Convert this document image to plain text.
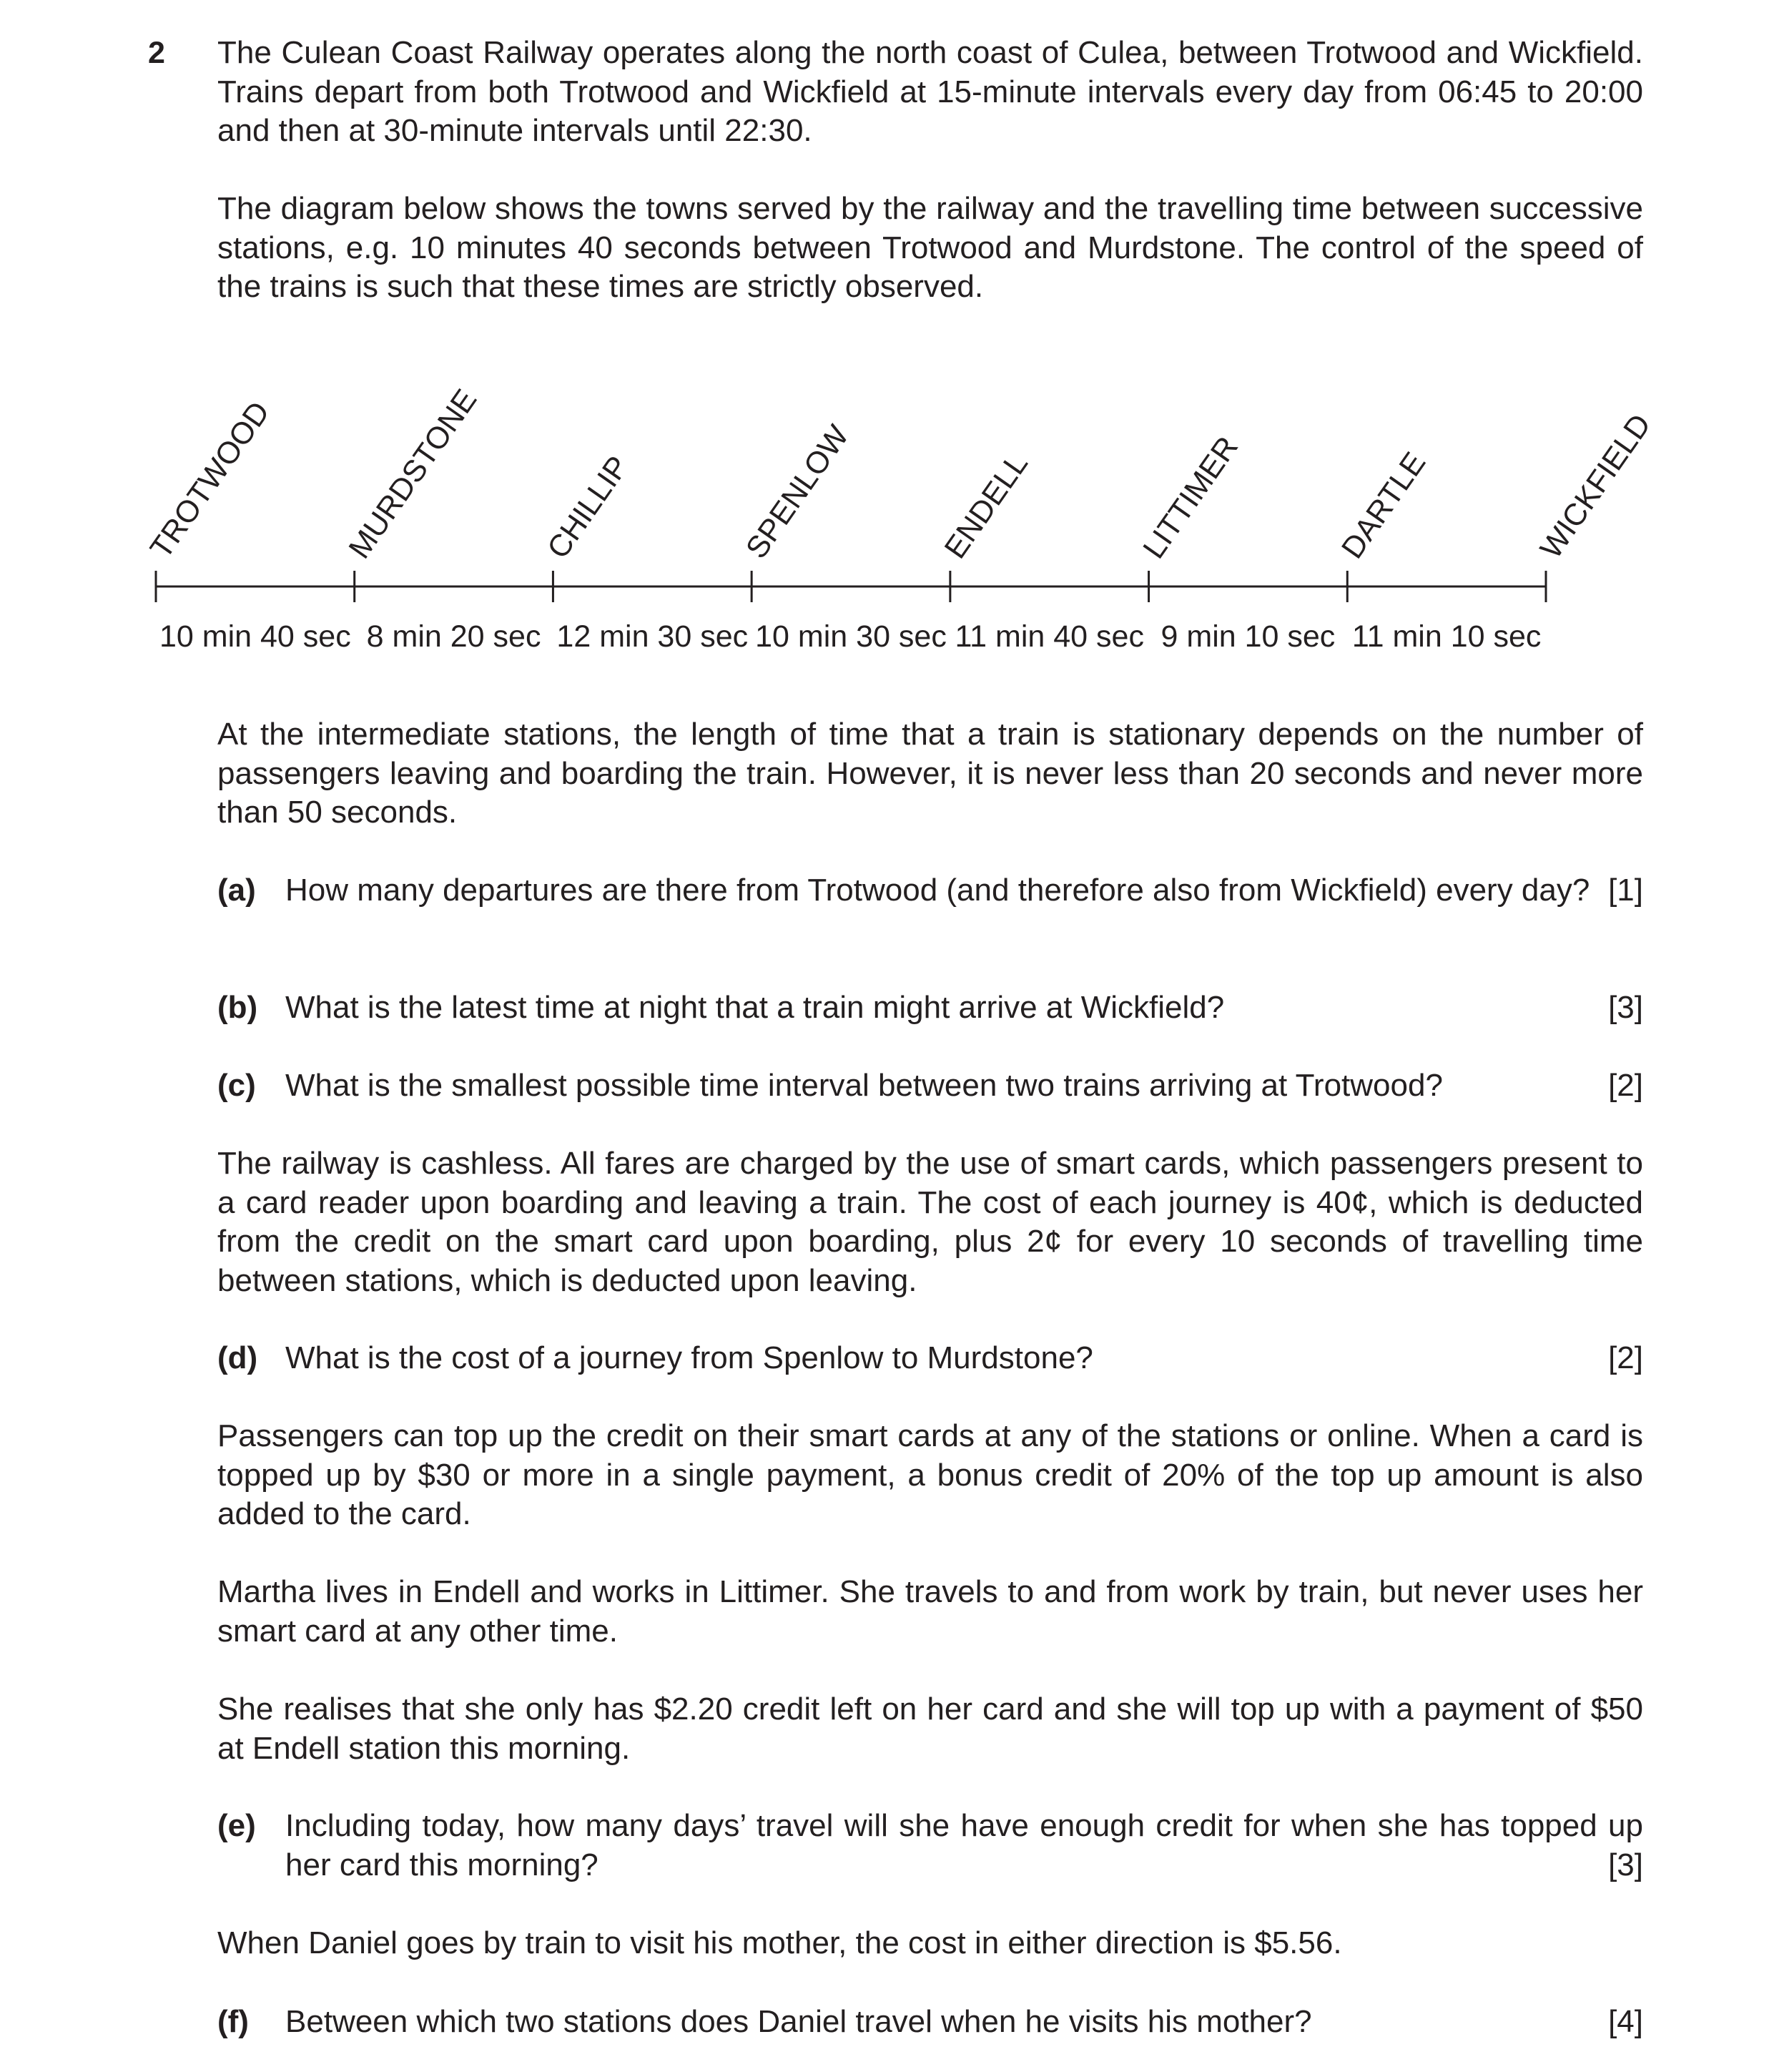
2 The Culean Coast Railway operates along the north coast of Culea, between Trotwood and Wickfield. Trains depart from both Trotwood and Wickfield at 15-minute intervals every day from 06:45 to 20:00 and then at 30-minute intervals until 22:30.
The diagram below shows the towns served by the railway and the travelling time between successive stations, e.g. 10 minutes 40 seconds between Trotwood and Murdstone. The control of the speed of the trains is such that these times are strictly observed.
TROTWOOD MURDSTONE CHILLIP	SPENLOW	ENDELL	LITTIMER	DARTLE	WICKFIELD
10 min 40 sec 8 min 20 sec 12 min 30 sec 10 min 30 sec 11 min 40 sec 9 min 10 sec 11 min 10 sec
At the intermediate stations, the length of time that a train is stationary depends on the number of passengers leaving and boarding the train. However, it is never less than 20 seconds and never more than 50 seconds.
(a) How many departures are there from Trotwood (and therefore also from Wickfield) every day? [1]
(b) What is the latest time at night that a train might arrive at Wickfield?	[3]
(c) What is the smallest possible time interval between two trains arriving at Trotwood?	[2]
The railway is cashless. All fares are charged by the use of smart cards, which passengers present to a card reader upon boarding and leaving a train. The cost of each journey is 40¢, which is deducted from the credit on the smart card upon boarding, plus 2¢ for every 10 seconds of travelling time between stations, which is deducted upon leaving.
(d) What is the cost of a journey from Spenlow to Murdstone?	[2]
Passengers can top up the credit on their smart cards at any of the stations or online. When a card is topped up by $30 or more in a single payment, a bonus credit of 20% of the top up amount is also added to the card.
Martha lives in Endell and works in Littimer. She travels to and from work by train, but never uses her smart card at any other time.
She realises that she only has $2.20 credit left on her card and she will top up with a payment of $50 at Endell station this morning.
(e) Including today, how many days’ travel will she have enough credit for when she has topped up her card this morning?	[3]
When Daniel goes by train to visit his mother, the cost in either direction is $5.56.
(f) Between which two stations does Daniel travel when he visits his mother?	[4]
